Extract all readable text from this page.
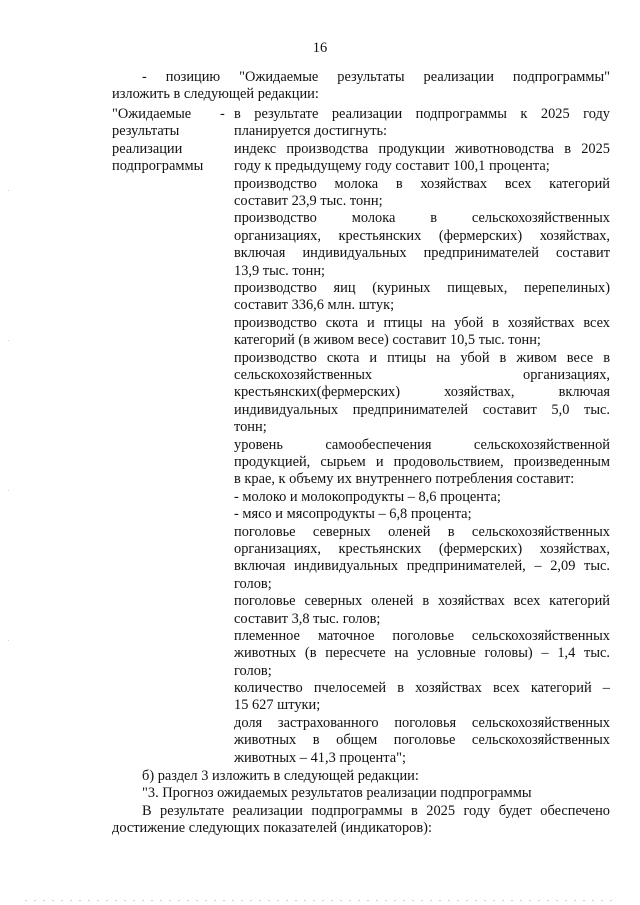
16
- позицию "Ожидаемые результаты реализации подпрограммы"
изложить в следующей редакции:
"Ожидаемые
результаты
реализации
подпрограммы
- в результате реализации подпрограммы к 2025 году
планируется достигнуть:
индекс производства продукции животноводства в 2025
году к предыдущему году составит 100,1 процента;
производство молока в хозяйствах всех категорий
составит 23,9 тыс. тонн;
производство молока в сельскохозяйственных
организациях, крестьянских (фермерских) хозяйствах,
включая индивидуальных предпринимателей составит
13,9 тыс. тонн;
производство яиц (куриных пищевых, перепелиных)
составит 336,6 млн. штук;
производство скота и птицы на убой в хозяйствах всех
категорий (в живом весе) составит 10,5 тыс. тонн;
производство скота и птицы на убой в живом весе в
сельскохозяйственных организациях,
крестьянских(фермерских) хозяйствах, включая
индивидуальных предпринимателей составит 5,0 тыс.
тонн;
уровень самообеспечения сельскохозяйственной
продукцией, сырьем и продовольствием, произведенным
в крае, к объему их внутреннего потребления составит:
- молоко и молокопродукты – 8,6 процента;
- мясо и мясопродукты – 6,8 процента;
поголовье северных оленей в сельскохозяйственных
организациях, крестьянских (фермерских) хозяйствах,
включая индивидуальных предпринимателей, – 2,09 тыс.
голов;
поголовье северных оленей в хозяйствах всех категорий
составит 3,8 тыс. голов;
племенное маточное поголовье сельскохозяйственных
животных (в пересчете на условные головы) – 1,4 тыс.
голов;
количество пчелосемей в хозяйствах всех категорий –
15 627 штуки;
доля застрахованного поголовья сельскохозяйственных
животных в общем поголовье сельскохозяйственных
животных – 41,3 процента";
б) раздел 3 изложить в следующей редакции:
"3. Прогноз ожидаемых результатов реализации подпрограммы
В результате реализации подпрограммы в 2025 году будет обеспечено
достижение следующих показателей (индикаторов):
